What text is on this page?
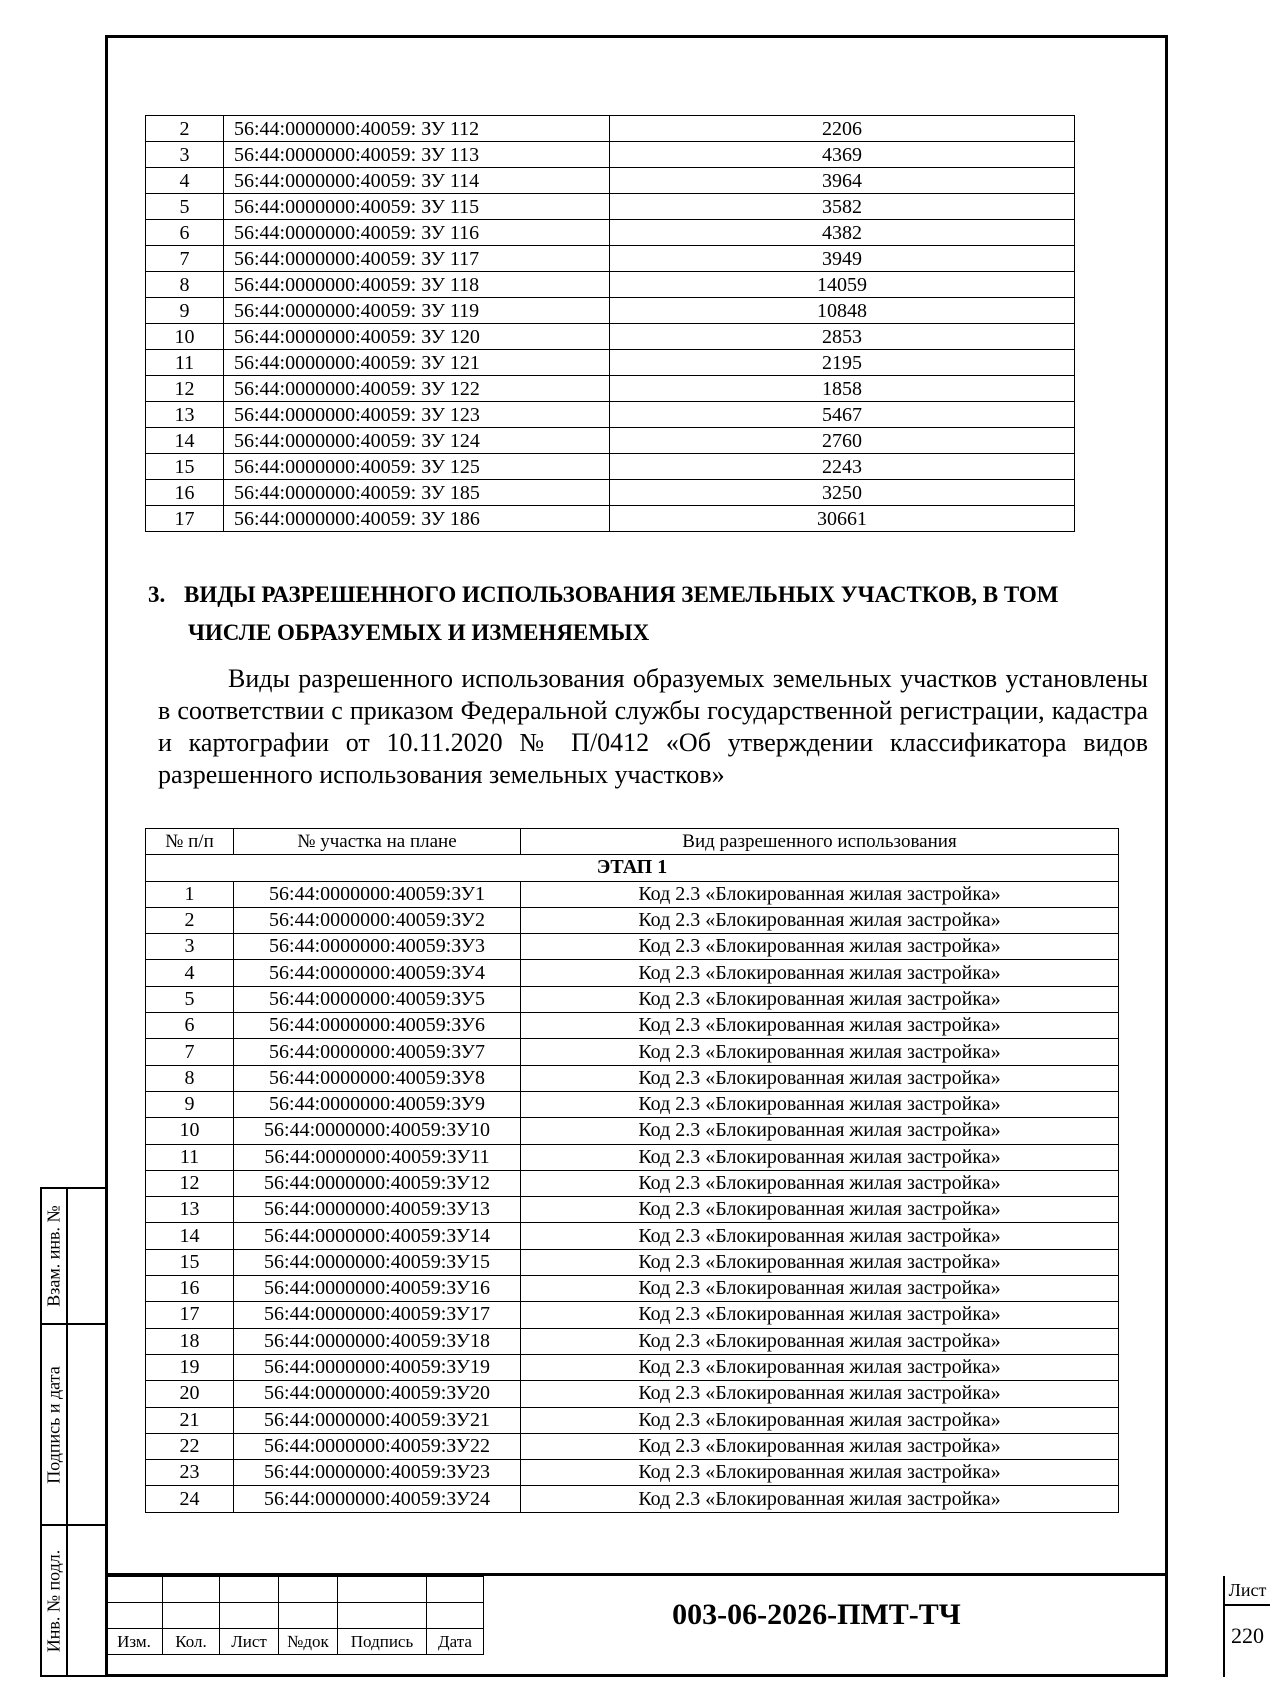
2	56:44:0000000:40059: ЗУ 112	2206
3	56:44:0000000:40059: ЗУ 113	4369
4	56:44:0000000:40059: ЗУ 114	3964
5	56:44:0000000:40059: ЗУ 115	3582
6	56:44:0000000:40059: ЗУ 116	4382
7	56:44:0000000:40059: ЗУ 117	3949
8	56:44:0000000:40059: ЗУ 118	14059
9	56:44:0000000:40059: ЗУ 119	10848
10	56:44:0000000:40059: ЗУ 120	2853
11	56:44:0000000:40059: ЗУ 121	2195
12	56:44:0000000:40059: ЗУ 122	1858
13	56:44:0000000:40059: ЗУ 123	5467
14	56:44:0000000:40059: ЗУ 124	2760
15	56:44:0000000:40059: ЗУ 125	2243
16	56:44:0000000:40059: ЗУ 185	3250
17	56:44:0000000:40059: ЗУ 186	30661
3. ВИДЫ РАЗРЕШЕННОГО ИСПОЛЬЗОВАНИЯ ЗЕМЕЛЬНЫХ УЧАСТКОВ, В ТОМ
ЧИСЛЕ ОБРАЗУЕМЫХ И ИЗМЕНЯЕМЫХ
Виды разрешенного использования образуемых земельных участков установлены в соответствии с приказом Федеральной службы государственной регистрации, кадастра и картографии от 10.11.2020 № П/0412 «Об утверждении классификатора видов разрешенного использования земельных участков»
№ п/п	№ участка на плане	Вид разрешенного использования
ЭТАП 1		
1	56:44:0000000:40059:ЗУ1	Код 2.3 «Блокированная жилая застройка»
2	56:44:0000000:40059:ЗУ2	Код 2.3 «Блокированная жилая застройка»
3	56:44:0000000:40059:ЗУ3	Код 2.3 «Блокированная жилая застройка»
4	56:44:0000000:40059:ЗУ4	Код 2.3 «Блокированная жилая застройка»
5	56:44:0000000:40059:ЗУ5	Код 2.3 «Блокированная жилая застройка»
6	56:44:0000000:40059:ЗУ6	Код 2.3 «Блокированная жилая застройка»
7	56:44:0000000:40059:ЗУ7	Код 2.3 «Блокированная жилая застройка»
8	56:44:0000000:40059:ЗУ8	Код 2.3 «Блокированная жилая застройка»
9	56:44:0000000:40059:ЗУ9	Код 2.3 «Блокированная жилая застройка»
10	56:44:0000000:40059:ЗУ10	Код 2.3 «Блокированная жилая застройка»
11	56:44:0000000:40059:ЗУ11	Код 2.3 «Блокированная жилая застройка»
12	56:44:0000000:40059:ЗУ12	Код 2.3 «Блокированная жилая застройка»
13	56:44:0000000:40059:ЗУ13	Код 2.3 «Блокированная жилая застройка»
14	56:44:0000000:40059:ЗУ14	Код 2.3 «Блокированная жилая застройка»
15	56:44:0000000:40059:ЗУ15	Код 2.3 «Блокированная жилая застройка»
16	56:44:0000000:40059:ЗУ16	Код 2.3 «Блокированная жилая застройка»
17	56:44:0000000:40059:ЗУ17	Код 2.3 «Блокированная жилая застройка»
18	56:44:0000000:40059:ЗУ18	Код 2.3 «Блокированная жилая застройка»
19	56:44:0000000:40059:ЗУ19	Код 2.3 «Блокированная жилая застройка»
20	56:44:0000000:40059:ЗУ20	Код 2.3 «Блокированная жилая застройка»
21	56:44:0000000:40059:ЗУ21	Код 2.3 «Блокированная жилая застройка»
22	56:44:0000000:40059:ЗУ22	Код 2.3 «Блокированная жилая застройка»
23	56:44:0000000:40059:ЗУ23	Код 2.3 «Блокированная жилая застройка»
24	56:44:0000000:40059:ЗУ24	Код 2.3 «Блокированная жилая застройка»
Взам. инв. №
Подпись и дата
Инв. № подл.

						Изм.	Кол.	Лист	№док	Подпись	Дата
003-06-2026-ПМТ-ТЧ
Лист
220
